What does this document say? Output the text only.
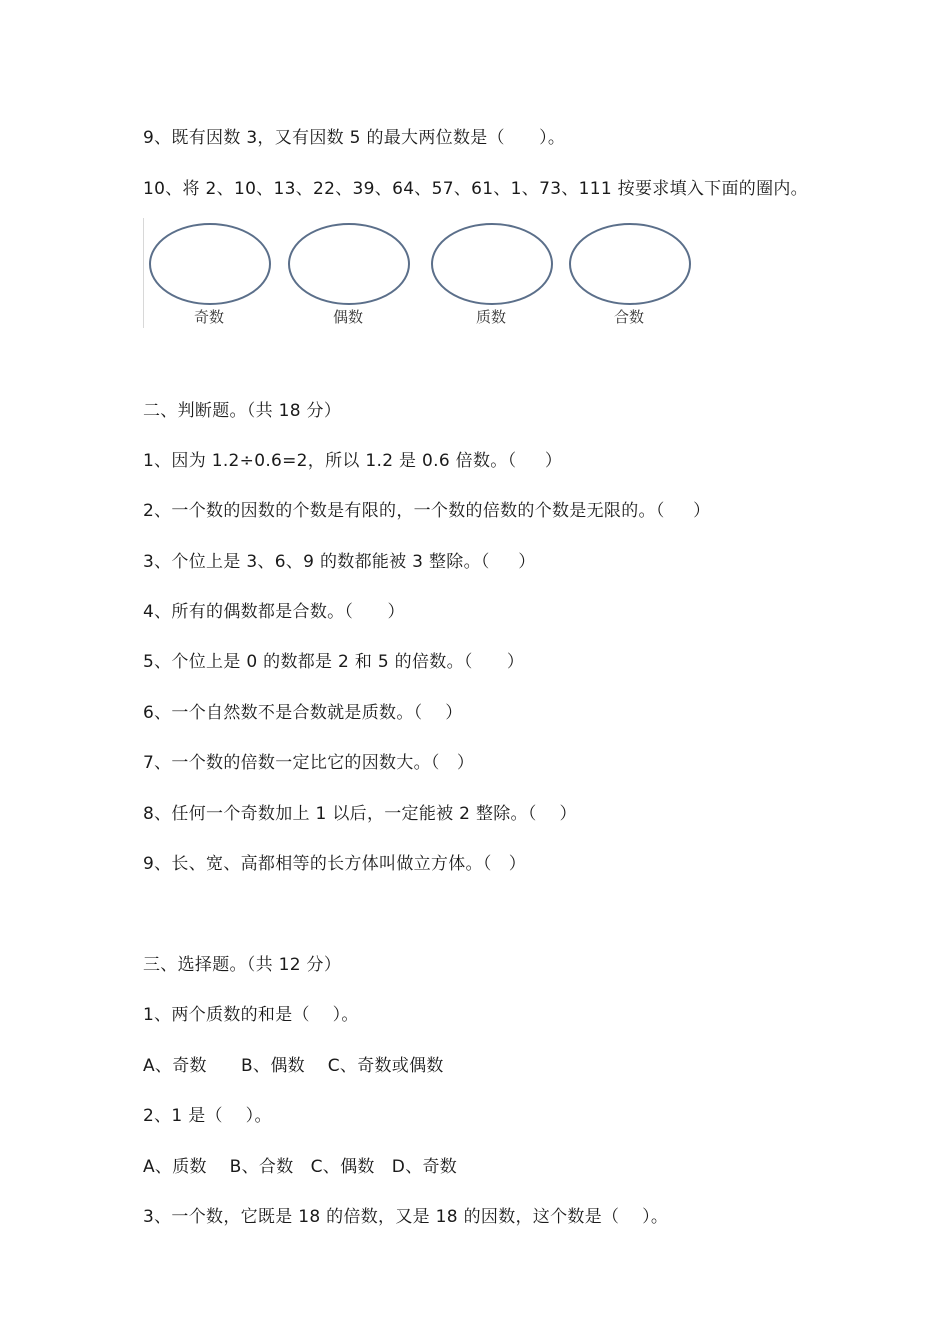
9、既有因数 3，又有因数 5 的最大两位数是（      ）。
10、将 2、10、13、22、39、64、57、61、1、73、111 按要求填入下面的圈内。
奇数	偶数	质数	合数
二、判断题。（共 18 分）
1、因为 1.2÷0.6=2，所以 1.2 是 0.6 倍数。（     ）
2、一个数的因数的个数是有限的，一个数的倍数的个数是无限的。（     ）
3、个位上是 3、6、9 的数都能被 3 整除。（     ）
4、所有的偶数都是合数。（      ）
5、个位上是 0 的数都是 2 和 5 的倍数。（      ）
6、一个自然数不是合数就是质数。（    ）
7、一个数的倍数一定比它的因数大。（   ）
8、任何一个奇数加上 1 以后，一定能被 2 整除。（    ）
9、长、宽、高都相等的长方体叫做立方体。（   ）
三、选择题。（共 12 分）
1、两个质数的和是（    ）。
A、奇数      B、偶数    C、奇数或偶数
2、1 是（    ）。
A、质数    B、合数   C、偶数   D、奇数
3、一个数，它既是 18 的倍数，又是 18 的因数，这个数是（    ）。
